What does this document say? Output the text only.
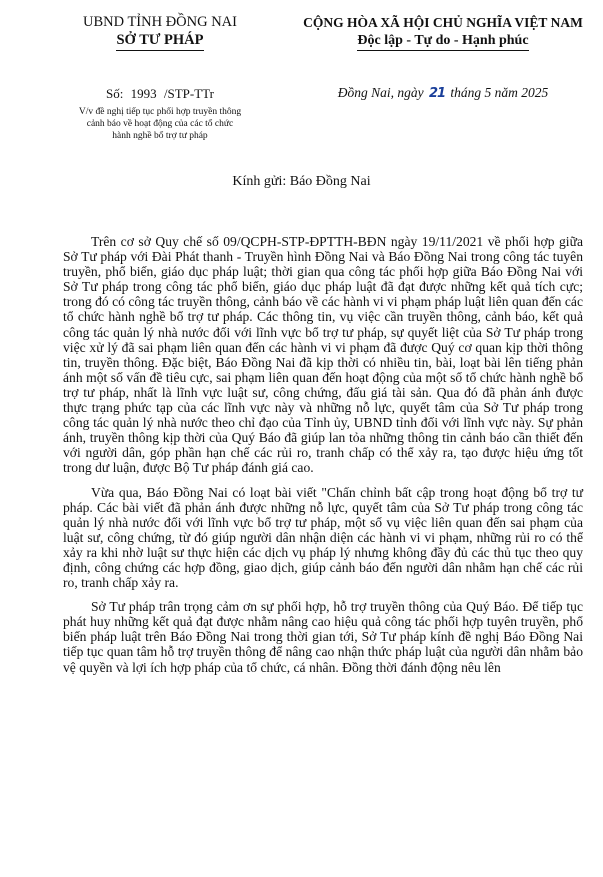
UBND TỈNH ĐỒNG NAI
SỞ TƯ PHÁP
CỘNG HÒA XÃ HỘI CHỦ NGHĨA VIỆT NAM
Độc lập - Tự do - Hạnh phúc
Số: 1993 /STP-TTr
V/v đề nghị tiếp tục phối hợp truyền thông
cảnh báo về hoạt động của các tổ chức
hành nghề bổ trợ tư pháp
Đồng Nai, ngày 21 tháng 5 năm 2025
Kính gửi: Báo Đồng Nai

Trên cơ sở Quy chế số 09/QCPH-STP-ĐPTTH-BĐN ngày 19/11/2021 về phối hợp giữa Sở Tư pháp với Đài Phát thanh - Truyền hình Đồng Nai và Báo Đồng Nai trong công tác tuyên truyền, phổ biến, giáo dục pháp luật; thời gian qua công tác phối hợp giữa Báo Đồng Nai với Sở Tư pháp trong công tác phổ biến, giáo dục pháp luật đã đạt được những kết quả tích cực; trong đó có công tác truyền thông, cảnh báo về các hành vi vi phạm pháp luật liên quan đến các tổ chức hành nghề bổ trợ tư pháp. Các thông tin, vụ việc cần truyền thông, cảnh báo, kết quả công tác quản lý nhà nước đối với lĩnh vực bổ trợ tư pháp, sự quyết liệt của Sở Tư pháp trong việc xử lý đã sai phạm liên quan đến các hành vi vi phạm đã được Quý cơ quan kịp thời thông tin, truyền thông. Đặc biệt, Báo Đồng Nai đã kịp thời có nhiều tin, bài, loạt bài lên tiếng phản ánh một số vấn đề tiêu cực, sai phạm liên quan đến hoạt động của một số tổ chức hành nghề bổ trợ tư pháp, nhất là lĩnh vực luật sư, công chứng, đấu giá tài sản. Qua đó đã phản ánh được thực trạng phức tạp của các lĩnh vực này và những nỗ lực, quyết tâm của Sở Tư pháp trong công tác quản lý nhà nước theo chỉ đạo của Tỉnh ủy, UBND tỉnh đối với lĩnh vực này. Sự phản ánh, truyền thông kịp thời của Quý Báo đã giúp lan tỏa những thông tin cảnh báo cần thiết đến với người dân, góp phần hạn chế các rủi ro, tranh chấp có thể xảy ra, tạo được hiệu ứng tốt trong dư luận, được Bộ Tư pháp đánh giá cao.

Vừa qua, Báo Đồng Nai có loạt bài viết "Chấn chỉnh bất cập trong hoạt động bổ trợ tư pháp. Các bài viết đã phản ánh được những nỗ lực, quyết tâm của Sở Tư pháp trong công tác quản lý nhà nước đối với lĩnh vực bổ trợ tư pháp, một số vụ việc liên quan đến sai phạm của luật sư, công chứng, từ đó giúp người dân nhận diện các hành vi vi phạm, những rủi ro có thể xảy ra khi nhờ luật sư thực hiện các dịch vụ pháp lý nhưng không đầy đủ các thủ tục theo quy định, công chứng các hợp đồng, giao dịch, giúp cảnh báo đến người dân nhằm hạn chế các rủi ro, tranh chấp xảy ra.

Sở Tư pháp trân trọng cảm ơn sự phối hợp, hỗ trợ truyền thông của Quý Báo. Để tiếp tục phát huy những kết quả đạt được nhằm nâng cao hiệu quả công tác phối hợp tuyên truyền, phổ biến pháp luật trên Báo Đồng Nai trong thời gian tới, Sở Tư pháp kính đề nghị Báo Đồng Nai tiếp tục quan tâm hỗ trợ truyền thông để nâng cao nhận thức pháp luật của người dân nhằm bảo vệ quyền và lợi ích hợp pháp của tổ chức, cá nhân. Đồng thời đánh động nêu lên
